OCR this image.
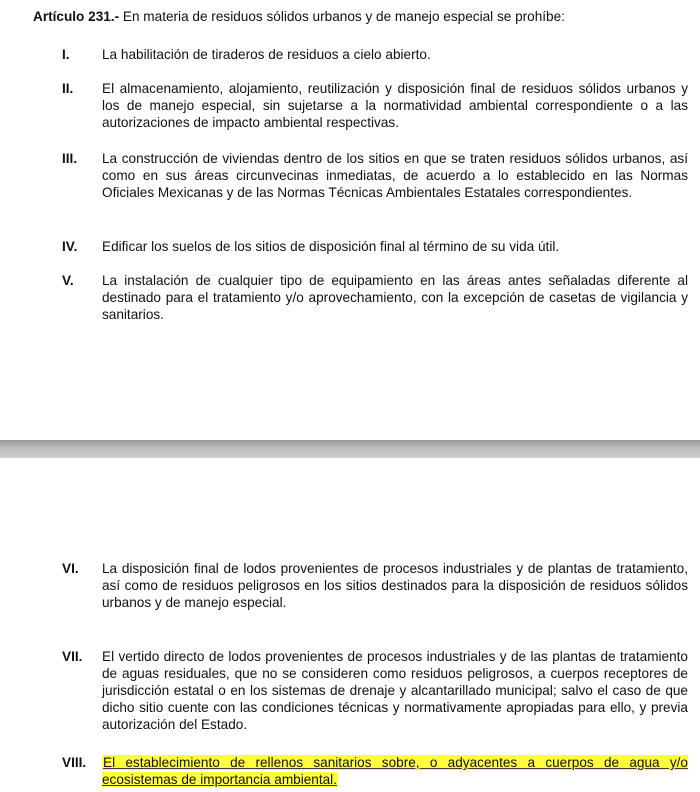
Artículo 231.- En materia de residuos sólidos urbanos y de manejo especial se prohíbe:
I.	La habilitación de tiraderos de residuos a cielo abierto.
II.	El almacenamiento, alojamiento, reutilización y disposición final de residuos sólidos urbanos y los de manejo especial, sin sujetarse a la normatividad ambiental correspondiente o a las autorizaciones de impacto ambiental respectivas.
III.	La construcción de viviendas dentro de los sitios en que se traten residuos sólidos urbanos, así como en sus áreas circunvecinas inmediatas, de acuerdo a lo establecido en las Normas Oficiales Mexicanas y de las Normas Técnicas Ambientales Estatales correspondientes.
IV.	Edificar los suelos de los sitios de disposición final al término de su vida útil.
V.	La instalación de cualquier tipo de equipamiento en las áreas antes señaladas diferente al destinado para el tratamiento y/o aprovechamiento, con la excepción de casetas de vigilancia y sanitarios.
VI.	La disposición final de lodos provenientes de procesos industriales y de plantas de tratamiento, así como de residuos peligrosos en los sitios destinados para la disposición de residuos sólidos urbanos y de manejo especial.
VII.	El vertido directo de lodos provenientes de procesos industriales y de las plantas de tratamiento de aguas residuales, que no se consideren como residuos peligrosos, a cuerpos receptores de jurisdicción estatal o en los sistemas de drenaje y alcantarillado municipal; salvo el caso de que dicho sitio cuente con las condiciones técnicas y normativamente apropiadas para ello, y previa autorización del Estado.
VIII.	El establecimiento de rellenos sanitarios sobre, o adyacentes a cuerpos de agua y/o ecosistemas de importancia ambiental.
